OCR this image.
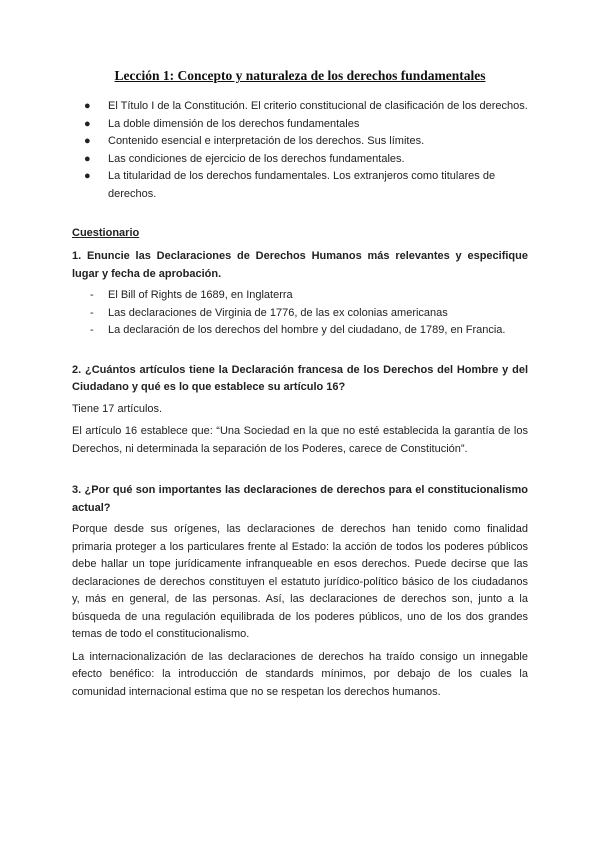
Lección 1: Concepto y naturaleza de los derechos fundamentales
● El Título I de la Constitución. El criterio constitucional de clasificación de los derechos.
● La doble dimensión de los derechos fundamentales
● Contenido esencial e interpretación de los derechos. Sus límites.
● Las condiciones de ejercicio de los derechos fundamentales.
● La titularidad de los derechos fundamentales. Los extranjeros como titulares de derechos.
Cuestionario
1. Enuncie las Declaraciones de Derechos Humanos más relevantes y especifique lugar y fecha de aprobación.
- El Bill of Rights de 1689, en Inglaterra
- Las declaraciones de Virginia de 1776, de las ex colonias americanas
- La declaración de los derechos del hombre y del ciudadano, de 1789, en Francia.
2. ¿Cuántos artículos tiene la Declaración francesa de los Derechos del Hombre y del Ciudadano y qué es lo que establece su artículo 16?

Tiene 17 artículos.

El artículo 16 establece que: “Una Sociedad en la que no esté establecida la garantía de los Derechos, ni determinada la separación de los Poderes, carece de Constitución”.

3. ¿Por qué son importantes las declaraciones de derechos para el constitucionalismo actual?

Porque desde sus orígenes, las declaraciones de derechos han tenido como finalidad primaria proteger a los particulares frente al Estado: la acción de todos los poderes públicos debe hallar un tope jurídicamente infranqueable en esos derechos. Puede decirse que las declaraciones de derechos constituyen el estatuto jurídico-político básico de los ciudadanos y, más en general, de las personas. Así, las declaraciones de derechos son, junto a la búsqueda de una regulación equilibrada de los poderes públicos, uno de los dos grandes temas de todo el constitucionalismo.

La internacionalización de las declaraciones de derechos ha traído consigo un innegable efecto benéfico: la introducción de standards mínimos, por debajo de los cuales la comunidad internacional estima que no se respetan los derechos humanos.
